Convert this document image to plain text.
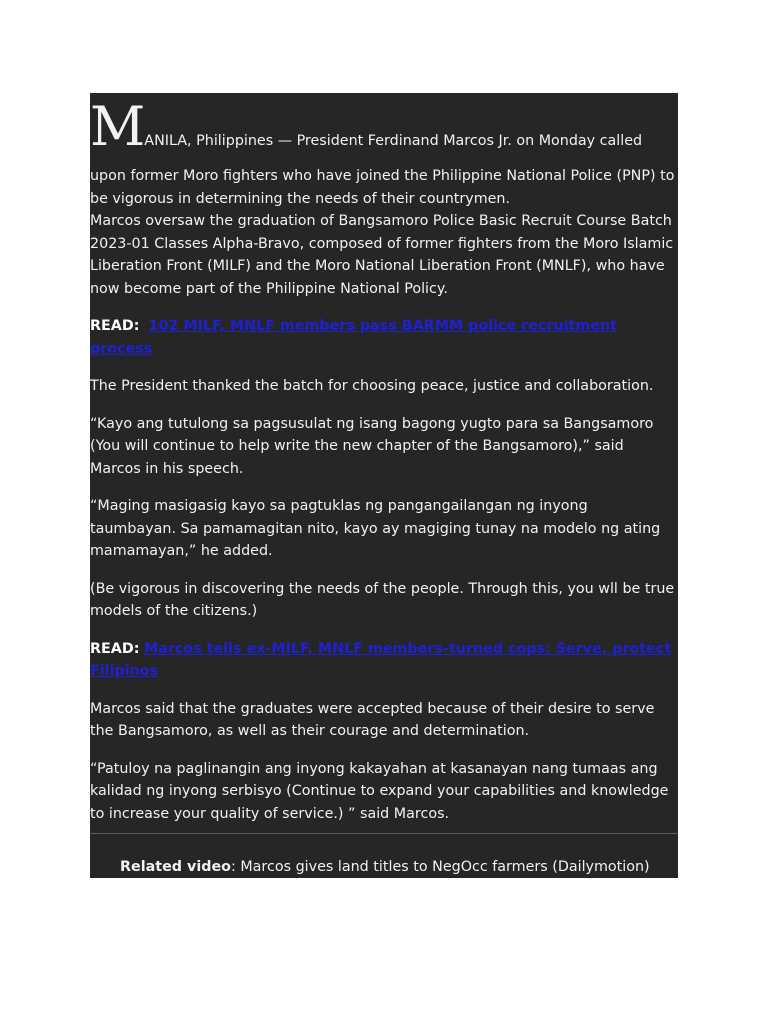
MANILA, Philippines — President Ferdinand Marcos Jr. on Monday called
upon former Moro fighters who have joined the Philippine National Police (PNP) to be vigorous in determining the needs of their countrymen.

Marcos oversaw the graduation of Bangsamoro Police Basic Recruit Course Batch 2023-01 Classes Alpha-Bravo, composed of former fighters from the Moro Islamic Liberation Front (MILF) and the Moro National Liberation Front (MNLF), who have now become part of the Philippine National Policy.

READ: 102 MILF, MNLF members pass BARMM police recruitment process

The President thanked the batch for choosing peace, justice and collaboration.

“Kayo ang tutulong sa pagsusulat ng isang bagong yugto para sa Bangsamoro (You will continue to help write the new chapter of the Bangsamoro),” said Marcos in his speech.

“Maging masigasig kayo sa pagtuklas ng pangangailangan ng inyong taumbayan. Sa pamamagitan nito, kayo ay magiging tunay na modelo ng ating mamamayan,” he added.

(Be vigorous in discovering the needs of the people. Through this, you wll be true models of the citizens.)

READ: Marcos tells ex-MILF, MNLF members-turned cops: Serve, protect Filipinos

Marcos said that the graduates were accepted because of their desire to serve the Bangsamoro, as well as their courage and determination.

“Patuloy na paglinangin ang inyong kakayahan at kasanayan nang tumaas ang kalidad ng inyong serbisyo (Continue to expand your capabilities and knowledge to increase your quality of service.) ” said Marcos.

Related video: Marcos gives land titles to NegOcc farmers (Dailymotion)
